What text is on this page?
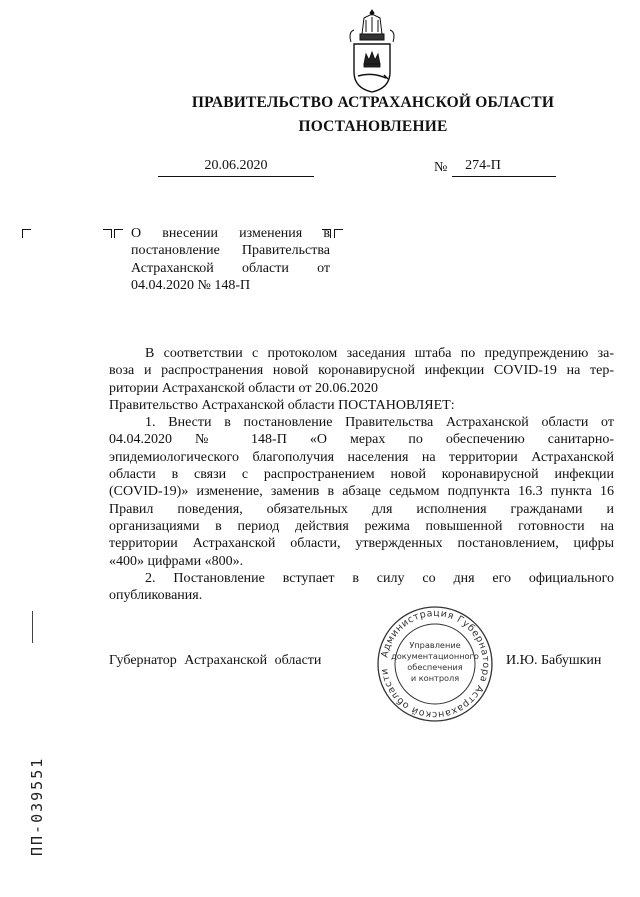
ПРАВИТЕЛЬСТВО АСТРАХАНСКОЙ ОБЛАСТИ
ПОСТАНОВЛЕНИЕ
20.06.2020	№	274-П
О внесении изменения в
постановление Правительства
Астраханской области от
04.04.2020 № 148-П
В соответствии с протоколом заседания штаба по предупреждению за-
воза и распространения новой коронавирусной инфекции COVID-19 на тер-
ритории Астраханской области от 20.06.2020
Правительство Астраханской области ПОСТАНОВЛЯЕТ:
1. Внести в постановление Правительства Астраханской области от
04.04.2020 № 148-П «О мерах по обеспечению санитарно-
эпидемиологического благополучия населения на территории Астраханской
области в связи с распространением новой коронавирусной инфекции
(COVID-19)» изменение, заменив в абзаце седьмом подпункта 16.3 пункта 16
Правил поведения, обязательных для исполнения гражданами и
организациями в период действия режима повышенной готовности на
территории Астраханской области, утвержденных постановлением, цифры
«400» цифрами «800».
2. Постановление вступает в силу со дня его официального
опубликования.
Губернатор Астраханской области	И.Ю. Бабушкин
Администрация Губернатора Астраханской области
Управление
документационного
обеспечения
и контроля
ПП-039551
